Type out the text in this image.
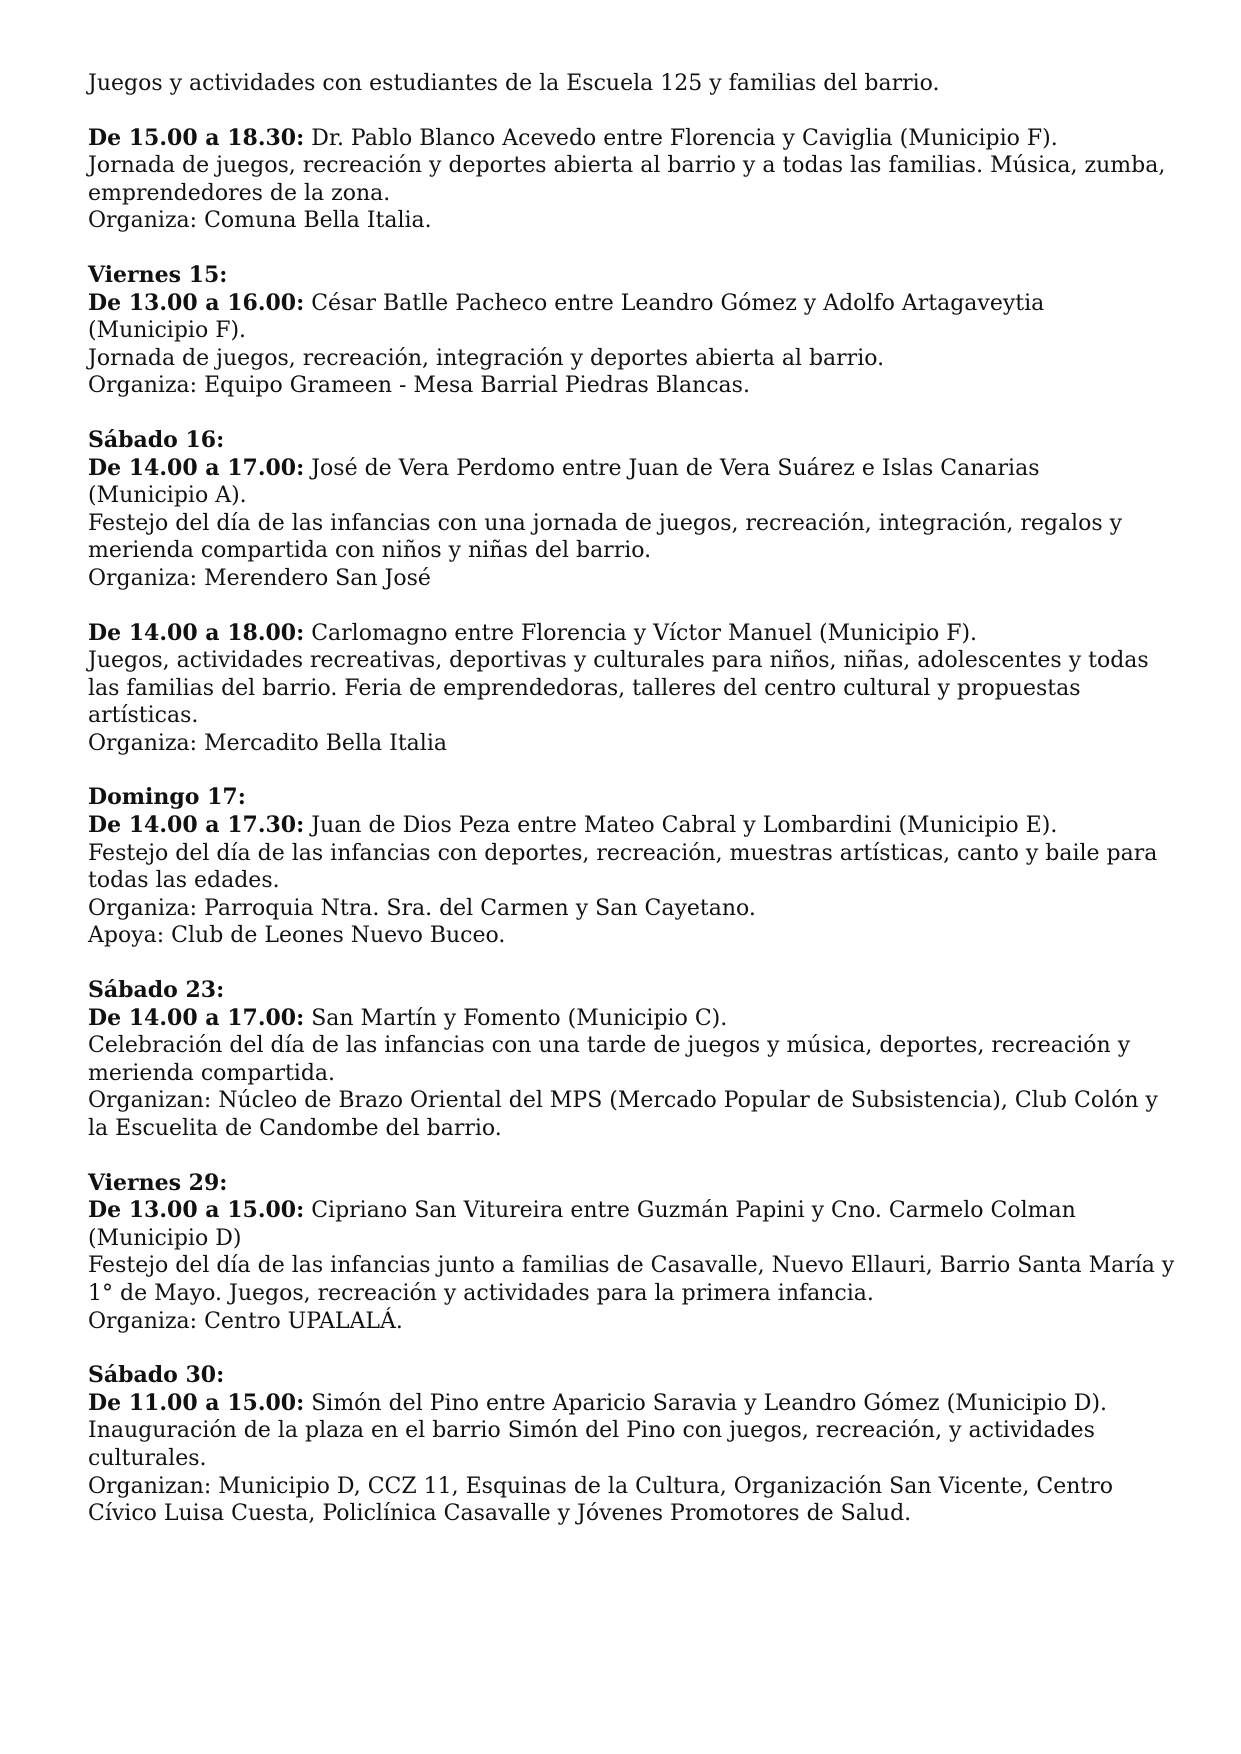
Juegos y actividades con estudiantes de la Escuela 125 y familias del barrio.
De 15.00 a 18.30: Dr. Pablo Blanco Acevedo entre Florencia y Caviglia (Municipio F).
Jornada de juegos, recreación y deportes abierta al barrio y a todas las familias. Música, zumba,
emprendedores de la zona.
Organiza: Comuna Bella Italia.
Viernes 15:
De 13.00 a 16.00: César Batlle Pacheco entre Leandro Gómez y Adolfo Artagaveytia
(Municipio F).
Jornada de juegos, recreación, integración y deportes abierta al barrio.
Organiza: Equipo Grameen - Mesa Barrial Piedras Blancas.
Sábado 16:
De 14.00 a 17.00: José de Vera Perdomo entre Juan de Vera Suárez e Islas Canarias
(Municipio A).
Festejo del día de las infancias con una jornada de juegos, recreación, integración, regalos y
merienda compartida con niños y niñas del barrio.
Organiza: Merendero San José
De 14.00 a 18.00: Carlomagno entre Florencia y Víctor Manuel (Municipio F).
Juegos, actividades recreativas, deportivas y culturales para niños, niñas, adolescentes y todas
las familias del barrio. Feria de emprendedoras, talleres del centro cultural y propuestas
artísticas.
Organiza: Mercadito Bella Italia
Domingo 17:
De 14.00 a 17.30: Juan de Dios Peza entre Mateo Cabral y Lombardini (Municipio E).
Festejo del día de las infancias con deportes, recreación, muestras artísticas, canto y baile para
todas las edades.
Organiza: Parroquia Ntra. Sra. del Carmen y San Cayetano.
Apoya: Club de Leones Nuevo Buceo.
Sábado 23:
De 14.00 a 17.00: San Martín y Fomento (Municipio C).
Celebración del día de las infancias con una tarde de juegos y música, deportes, recreación y
merienda compartida.
Organizan: Núcleo de Brazo Oriental del MPS (Mercado Popular de Subsistencia), Club Colón y
la Escuelita de Candombe del barrio.
Viernes 29:
De 13.00 a 15.00: Cipriano San Vitureira entre Guzmán Papini y Cno. Carmelo Colman
(Municipio D)
Festejo del día de las infancias junto a familias de Casavalle, Nuevo Ellauri, Barrio Santa María y
1° de Mayo. Juegos, recreación y actividades para la primera infancia.
Organiza: Centro UPALALÁ.
Sábado 30:
De 11.00 a 15.00: Simón del Pino entre Aparicio Saravia y Leandro Gómez (Municipio D).
Inauguración de la plaza en el barrio Simón del Pino con juegos, recreación, y actividades
culturales.
Organizan: Municipio D, CCZ 11, Esquinas de la Cultura, Organización San Vicente, Centro
Cívico Luisa Cuesta, Policlínica Casavalle y Jóvenes Promotores de Salud.
